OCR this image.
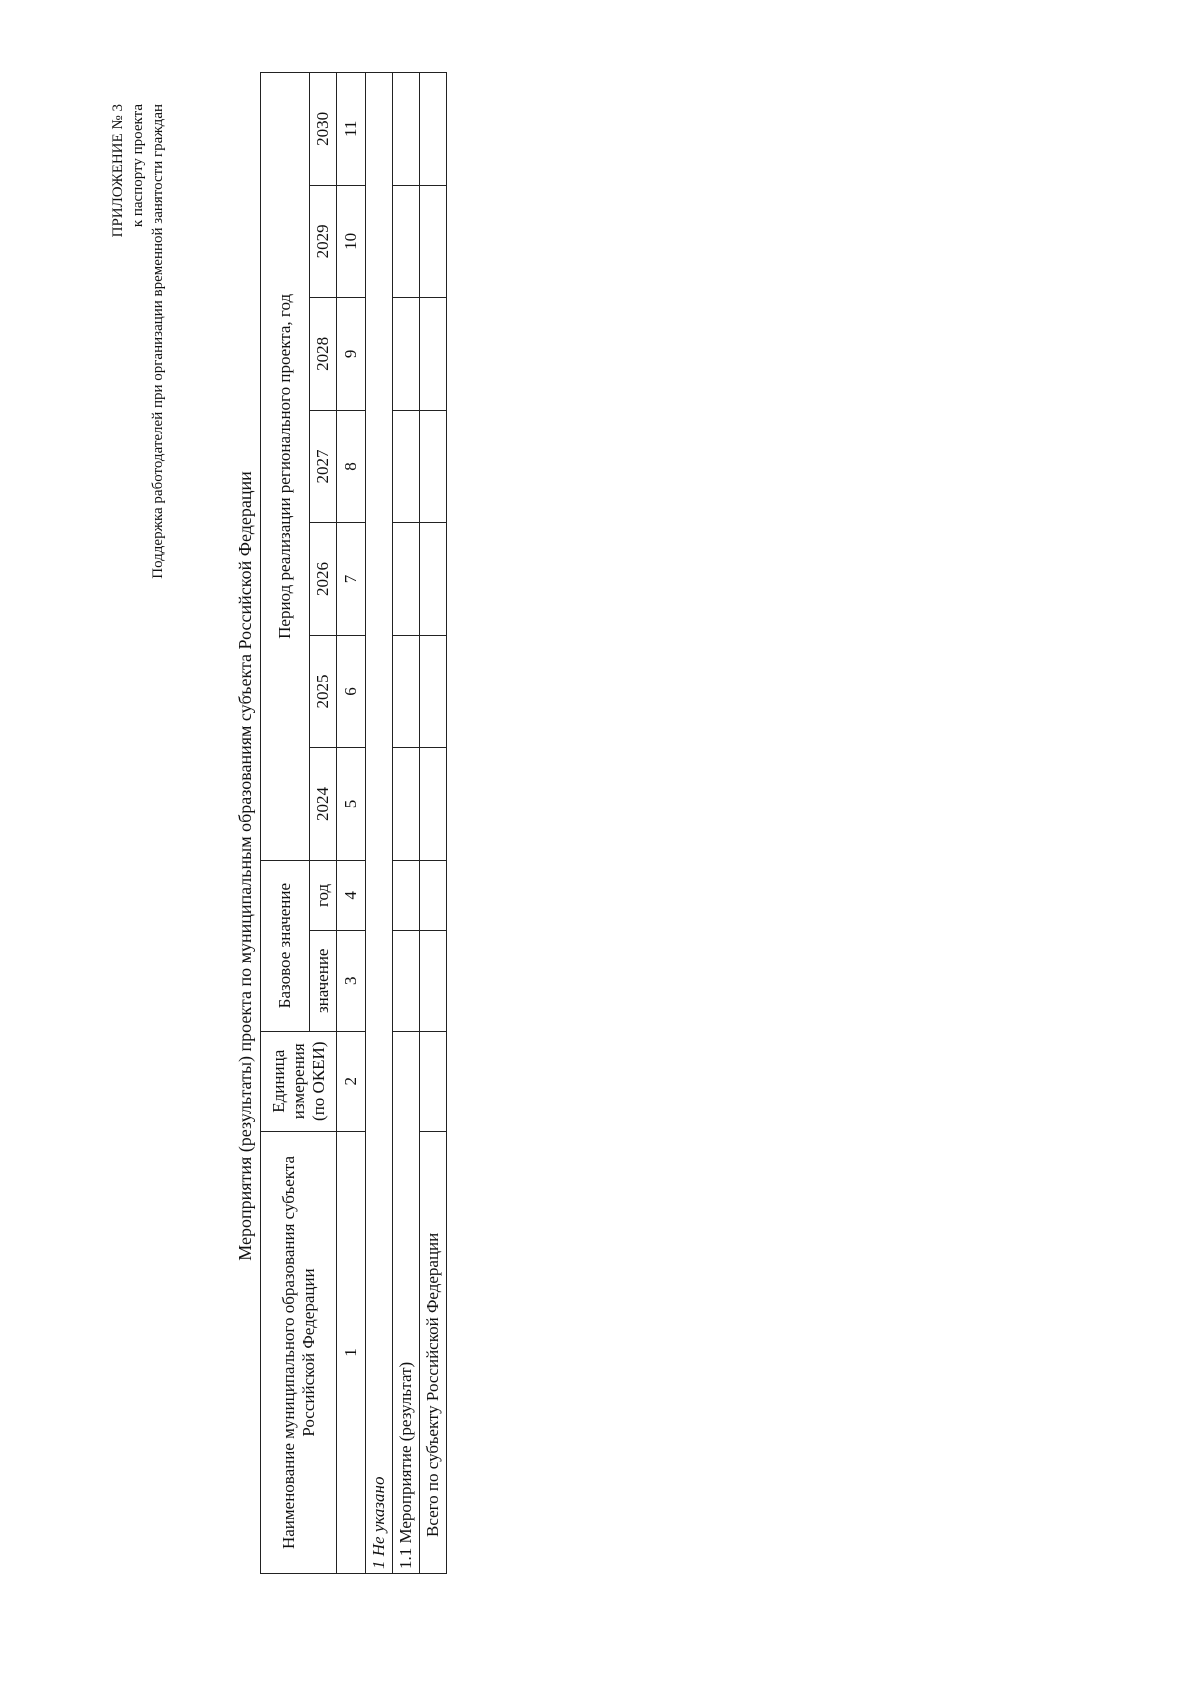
ПРИЛОЖЕНИЕ № 3 к паспорту проекта Поддержка работодателей при организации временной занятости граждан
Мероприятия (результаты) проекта по муниципальным образованиям субъекта Российской Федерации
Наименование муниципального образования субъекта Российской Федерации	Единица измерения (по ОКЕИ)	Базовое значение		Период реализации регионального проекта, год						
		значение	год	2024	2025	2026	2027	2028	2029	2030
1	2	3	4	5	6	7	8	9	10	11
1 Не указано										
1.1 Мероприятие (результат)										
Всего по субъекту Российской Федерации										
